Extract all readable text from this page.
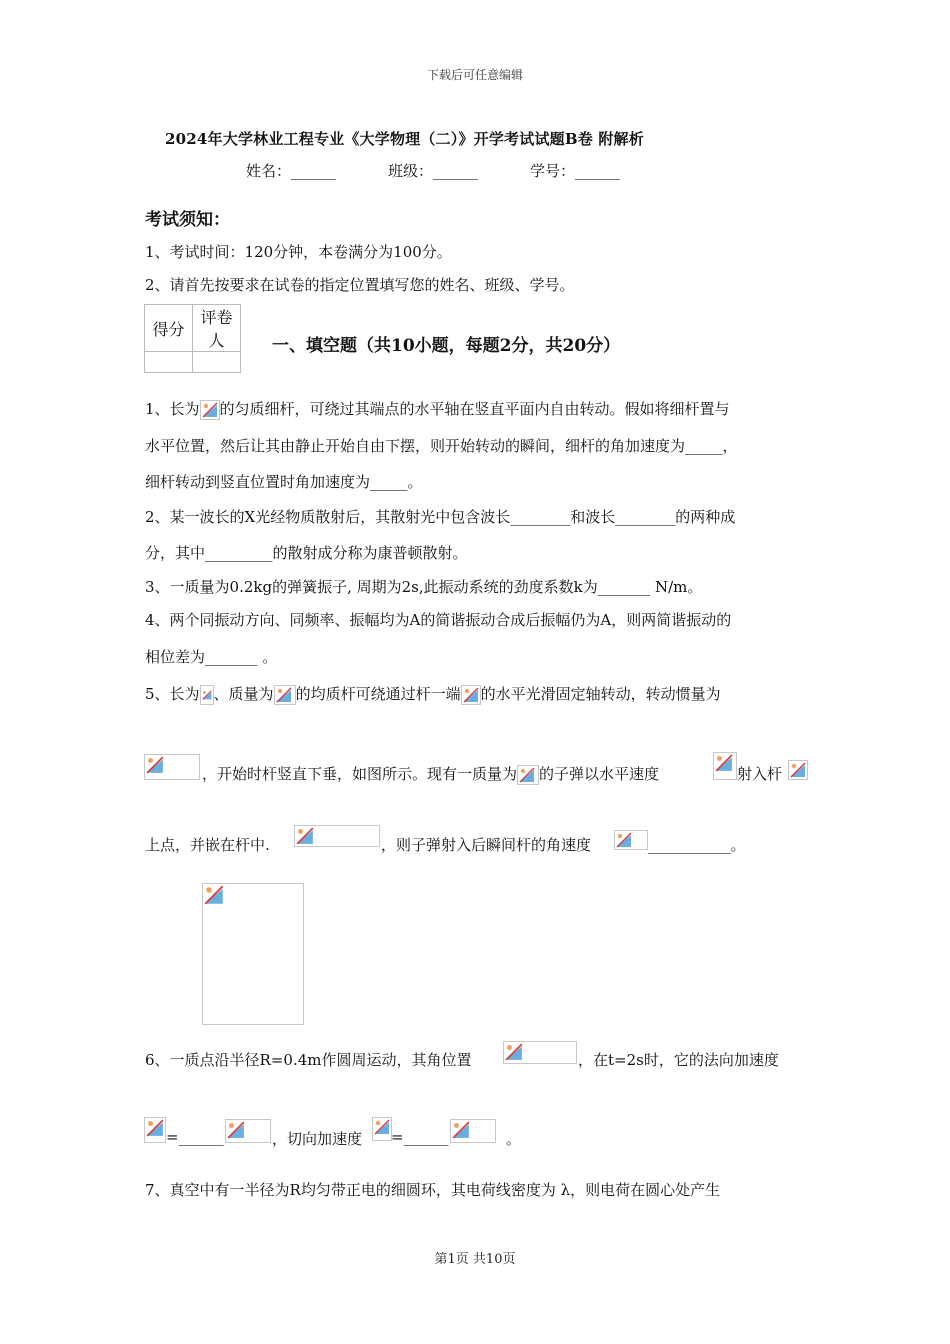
下载后可任意编辑
2024年大学林业工程专业《大学物理（二）》开学考试试题B卷 附解析
姓名：______	班级：______	学号：______
考试须知：
1、考试时间：120分钟，本卷满分为100分。
2、请首先按要求在试卷的指定位置填写您的姓名、班级、学号。
得分	评卷人
		一、填空题（共10小题，每题2分，共20分）
1、长为 的匀质细杆，可绕过其端点的水平轴在竖直平面内自由转动。假如将细杆置与
水平位置，然后让其由静止开始自由下摆，则开始转动的瞬间，细杆的角加速度为_____，
细杆转动到竖直位置时角加速度为_____。
2、某一波长的X光经物质散射后，其散射光中包含波长________和波长________的两种成
分，其中_________的散射成分称为康普顿散射。
3、一质量为0.2kg的弹簧振子, 周期为2s,此振动系统的劲度系数k为_______ N/m。
4、两个同振动方向、同频率、振幅均为A的简谐振动合成后振幅仍为A，则两简谐振动的
相位差为_______ 。
5、长为 、质量为 的均质杆可绕通过杆一端 的水平光滑固定轴转动，转动惯量为
，开始时杆竖直下垂，如图所示。现有一质量为 的子弹以水平速度	射入杆
上点，并嵌在杆中.	，则子弹射入后瞬间杆的角速度	___________。
6、一质点沿半径R=0.4m作圆周运动，其角位置	，在t=2s时，它的法向加速度
=______	，切向加速度 =______	。
7、真空中有一半径为R均匀带正电的细圆环，其电荷线密度为 λ，则电荷在圆心处产生
第1页 共10页
